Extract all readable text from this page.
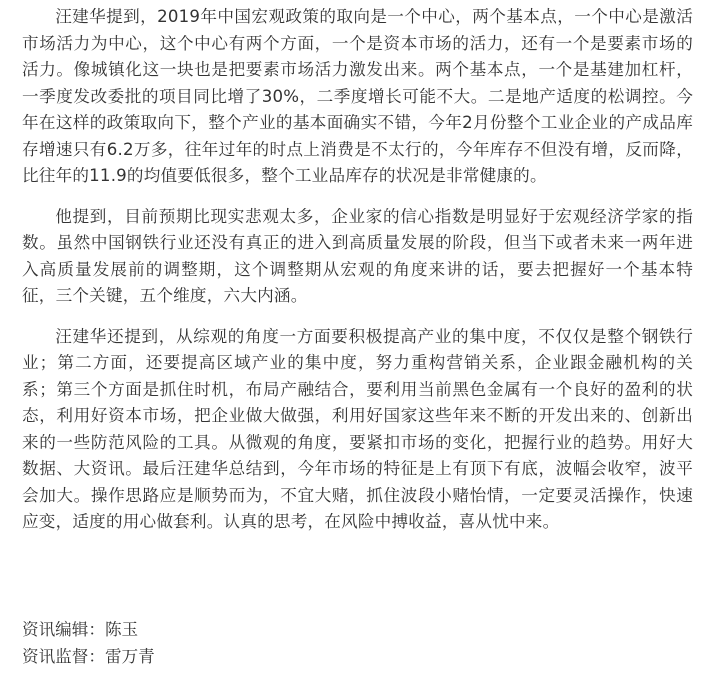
汪建华提到，2019年中国宏观政策的取向是一个中心，两个基本点，一个中心是激活市场活力为中心，这个中心有两个方面，一个是资本市场的活力，还有一个是要素市场的活力。像城镇化这一块也是把要素市场活力激发出来。两个基本点，一个是基建加杠杆，一季度发改委批的项目同比增了30%，二季度增长可能不大。二是地产适度的松调控。今年在这样的政策取向下，整个产业的基本面确实不错，今年2月份整个工业企业的产成品库存增速只有6.2万多，往年过年的时点上消费是不太行的，今年库存不但没有增，反而降，比往年的11.9的均值要低很多，整个工业品库存的状况是非常健康的。

他提到，目前预期比现实悲观太多，企业家的信心指数是明显好于宏观经济学家的指数。虽然中国钢铁行业还没有真正的进入到高质量发展的阶段，但当下或者未来一两年进入高质量发展前的调整期，这个调整期从宏观的角度来讲的话，要去把握好一个基本特征，三个关键，五个维度，六大内涵。

汪建华还提到，从综观的角度一方面要积极提高产业的集中度，不仅仅是整个钢铁行业；第二方面，还要提高区域产业的集中度，努力重构营销关系，企业跟金融机构的关系；第三个方面是抓住时机，布局产融结合，要利用当前黑色金属有一个良好的盈利的状态，利用好资本市场，把企业做大做强，利用好国家这些年来不断的开发出来的、创新出来的一些防范风险的工具。从微观的角度，要紧扣市场的变化，把握行业的趋势。用好大数据、大资讯。最后汪建华总结到，今年市场的特征是上有顶下有底，波幅会收窄，波平会加大。操作思路应是顺势而为，不宜大赌，抓住波段小赌怡情，一定要灵活操作，快速应变，适度的用心做套利。认真的思考，在风险中搏收益，喜从忧中来。

资讯编辑：陈玉
资讯监督：雷万青
